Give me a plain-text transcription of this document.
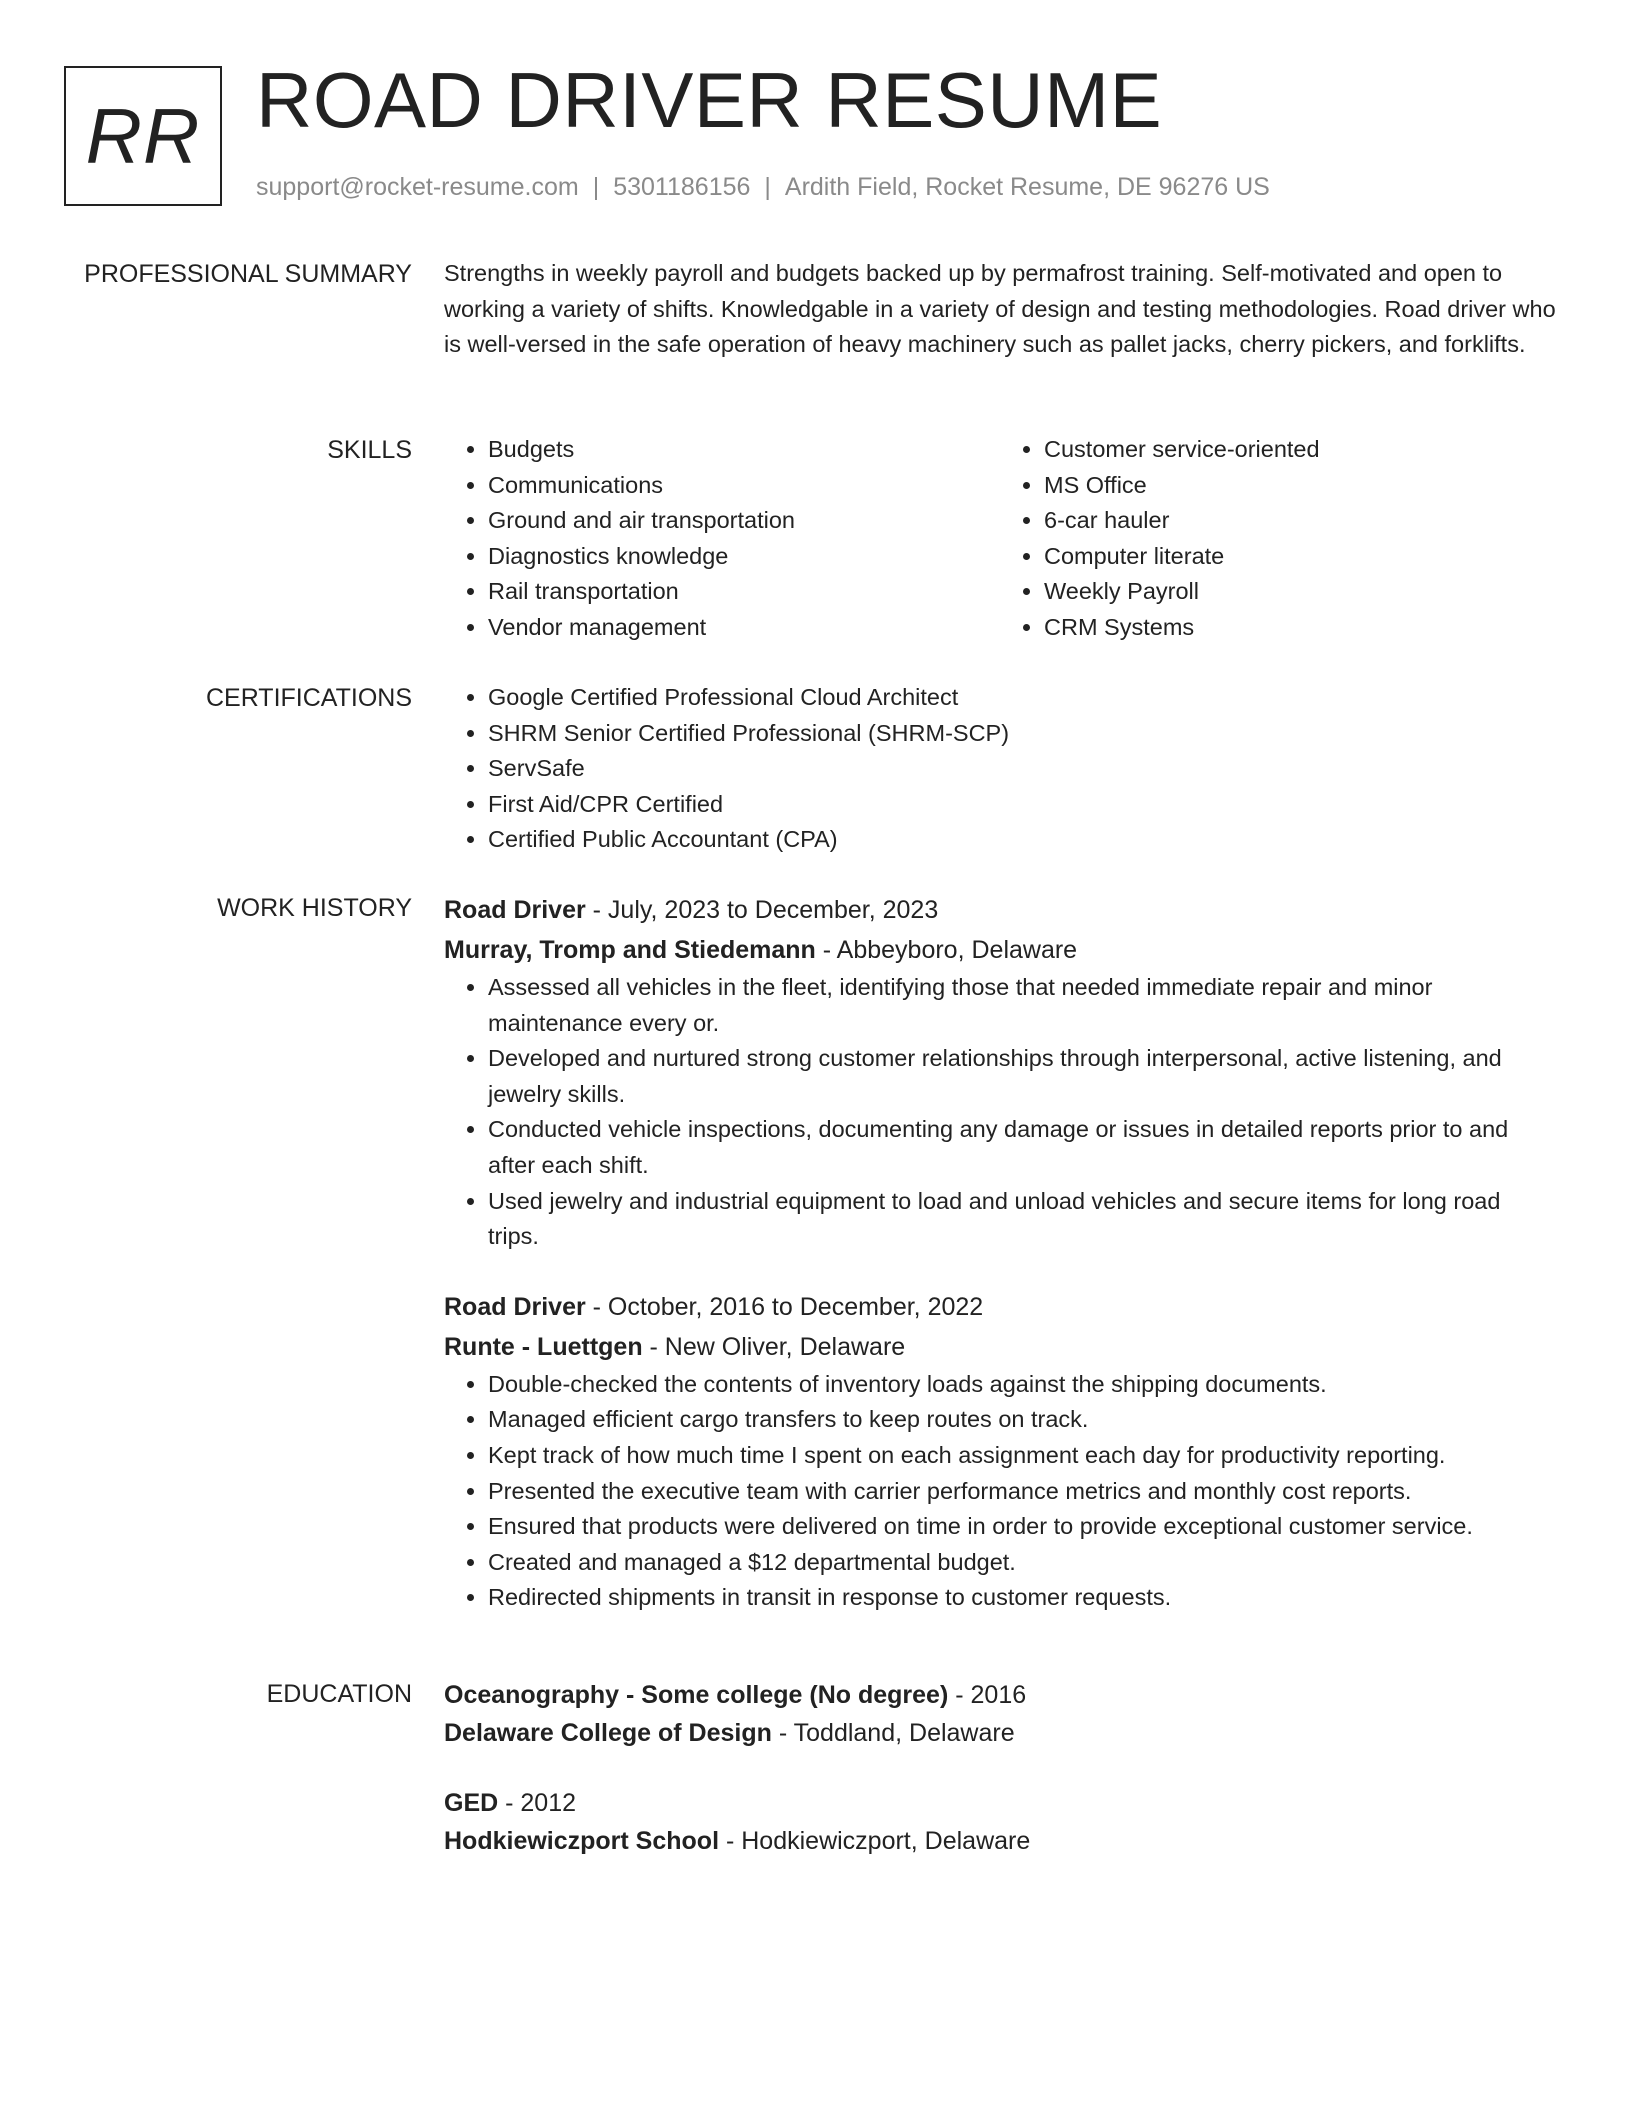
RR ROAD DRIVER RESUME
support@rocket-resume.com | 5301186156 | Ardith Field, Rocket Resume, DE 96276 US
PROFESSIONAL SUMMARY Strengths in weekly payroll and budgets backed up by permafrost training. Self-motivated and open to working a variety of shifts. Knowledgable in a variety of design and testing methodologies. Road driver who is well-versed in the safe operation of heavy machinery such as pallet jacks, cherry pickers, and forklifts.

SKILLS	• Budgets
• Communications
• Ground and air transportation
• Diagnostics knowledge
• Rail transportation
• Vendor management
• Customer service-oriented
• MS Office
• 6-car hauler
• Computer literate
• Weekly Payroll
• CRM Systems
CERTIFICATIONS	• Google Certified Professional Cloud Architect
• SHRM Senior Certified Professional (SHRM-SCP)
• ServSafe
• First Aid/CPR Certified
• Certified Public Accountant (CPA)
WORK HISTORY Road Driver - July, 2023 to December, 2023
Murray, Tromp and Stiedemann - Abbeyboro, Delaware
• Assessed all vehicles in the fleet, identifying those that needed immediate repair and minor maintenance every or.
• Developed and nurtured strong customer relationships through interpersonal, active listening, and jewelry skills.
• Conducted vehicle inspections, documenting any damage or issues in detailed reports prior to and after each shift.
• Used jewelry and industrial equipment to load and unload vehicles and secure items for long road trips.
Road Driver - October, 2016 to December, 2022
Runte - Luettgen - New Oliver, Delaware
• Double-checked the contents of inventory loads against the shipping documents.
• Managed efficient cargo transfers to keep routes on track.
• Kept track of how much time I spent on each assignment each day for productivity reporting.
• Presented the executive team with carrier performance metrics and monthly cost reports.
• Ensured that products were delivered on time in order to provide exceptional customer service.
• Created and managed a $12 departmental budget.
• Redirected shipments in transit in response to customer requests.
EDUCATION Oceanography - Some college (No degree) - 2016
Delaware College of Design - Toddland, Delaware
GED - 2012
Hodkiewiczport School - Hodkiewiczport, Delaware
